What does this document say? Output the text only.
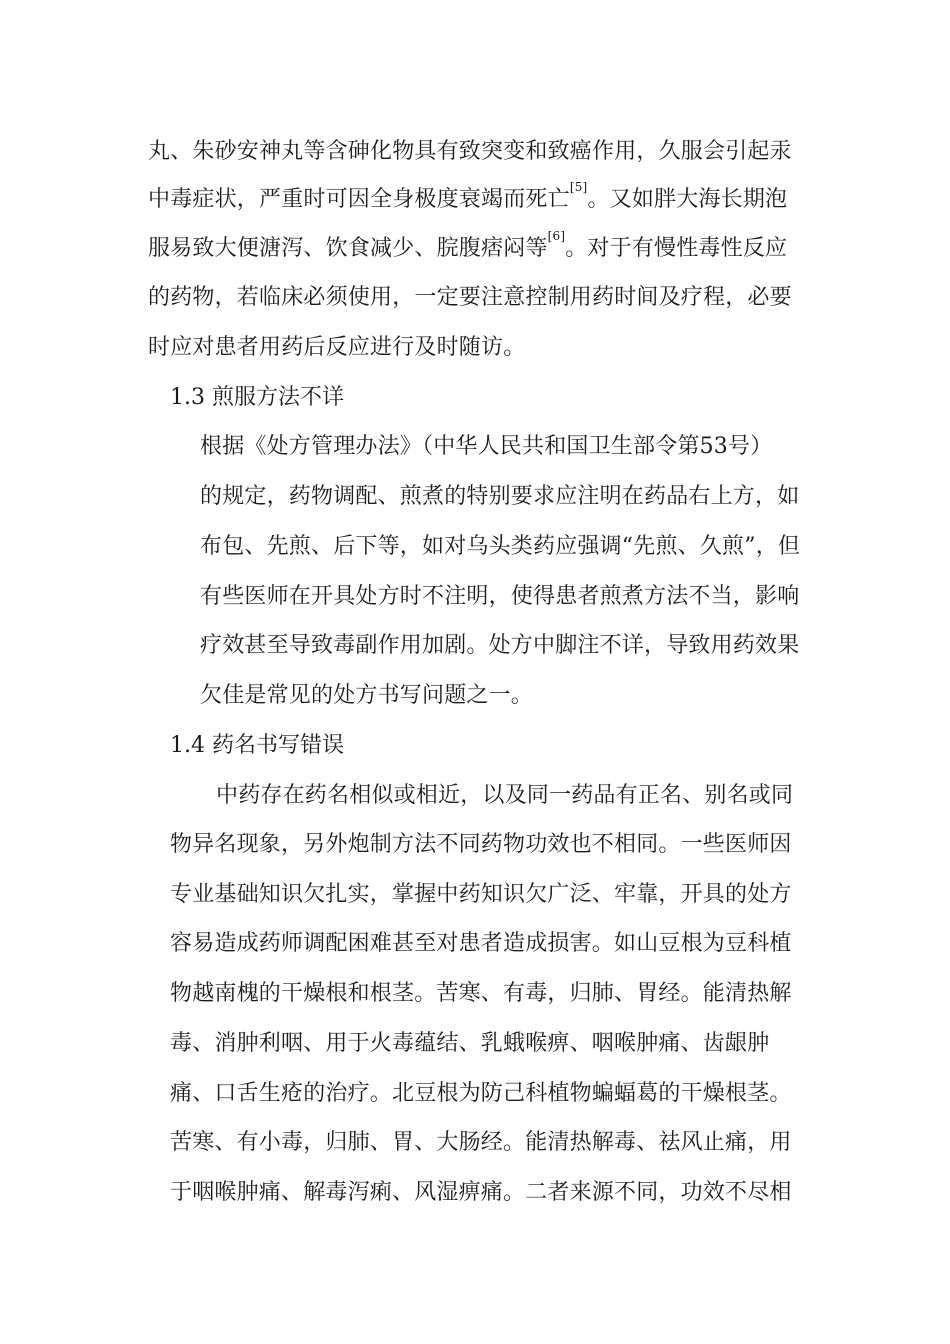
丸、朱砂安神丸等含砷化物具有致突变和致癌作用，久服会引起汞
中毒症状，严重时可因全身极度衰竭而死亡[5]。又如胖大海长期泡
服易致大便溏泻、饮食减少、脘腹痞闷等[6]。对于有慢性毒性反应
的药物，若临床必须使用，一定要注意控制用药时间及疗程，必要
时应对患者用药后反应进行及时随访。
1.3 煎服方法不详
根据《处方管理办法》（中华人民共和国卫生部令第53号）
的规定，药物调配、煎煮的特别要求应注明在药品右上方，如
布包、先煎、后下等，如对乌头类药应强调“先煎、久煎”，但
有些医师在开具处方时不注明，使得患者煎煮方法不当，影响
疗效甚至导致毒副作用加剧。处方中脚注不详，导致用药效果
欠佳是常见的处方书写问题之一。
1.4 药名书写错误
中药存在药名相似或相近，以及同一药品有正名、别名或同
物异名现象，另外炮制方法不同药物功效也不相同。一些医师因
专业基础知识欠扎实，掌握中药知识欠广泛、牢靠，开具的处方
容易造成药师调配困难甚至对患者造成损害。如山豆根为豆科植
物越南槐的干燥根和根茎。苦寒、有毒，归肺、胃经。能清热解
毒、消肿利咽、用于火毒蕴结、乳蛾喉痹、咽喉肿痛、齿龈肿
痛、口舌生疮的治疗。北豆根为防己科植物蝙蝠葛的干燥根茎。
苦寒、有小毒，归肺、胃、大肠经。能清热解毒、祛风止痛，用
于咽喉肿痛、解毒泻痢、风湿痹痛。二者来源不同，功效不尽相
